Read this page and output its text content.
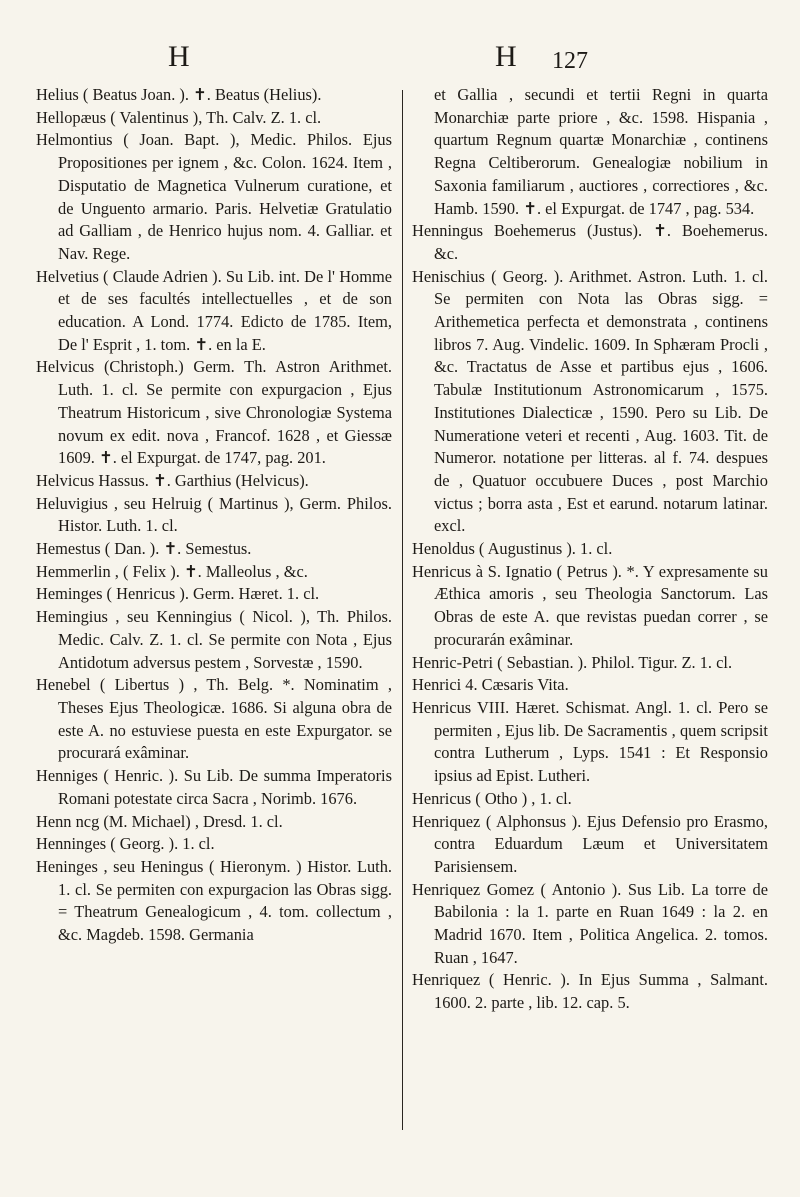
H	H 127

Helius ( Beatus Joan. ). ✝. Beatus (Helius).

Hellopæus ( Valentinus ), Th. Calv. Z. 1. cl.

Helmontius ( Joan. Bapt. ), Medic. Philos. Ejus Propositiones per ignem , &c. Colon. 1624. Item , Disputatio de Magnetica Vulnerum curatione, et de Unguento armario. Paris. Helvetiæ Gratulatio ad Galliam , de Henrico hujus nom. 4. Galliar. et Nav. Rege.

Helvetius ( Claude Adrien ). Su Lib. int. De l' Homme et de ses facultés intellectuelles , et de son education. A Lond. 1774. Edicto de 1785. Item, De l' Esprit , 1. tom. ✝. en la E.

Helvicus (Christoph.) Germ. Th. Astron Arithmet. Luth. 1. cl. Se permite con expurgacion , Ejus Theatrum Historicum , sive Chronologiæ Systema novum ex edit. nova , Francof. 1628 , et Giessæ 1609. ✝. el Expurgat. de 1747, pag. 201.

Helvicus Hassus. ✝. Garthius (Helvicus).

Heluvigius , seu Helruig ( Martinus ), Germ. Philos. Histor. Luth. 1. cl.

Hemestus ( Dan. ). ✝. Semestus.

Hemmerlin , ( Felix ). ✝. Malleolus , &c.

Heminges ( Henricus ). Germ. Hæret. 1. cl.

Hemingius , seu Kenningius ( Nicol. ), Th. Philos. Medic. Calv. Z. 1. cl. Se permite con Nota , Ejus Antidotum adversus pestem , Sorvestæ , 1590.

Henebel ( Libertus ) , Th. Belg. *. Nominatim , Theses Ejus Theologicæ. 1686. Si alguna obra de este A. no estuviese puesta en este Expurgator. se procurará exâminar.

Henniges ( Henric. ). Su Lib. De summa Imperatoris Romani potestate circa Sacra , Norimb. 1676.

Henn ncg (M. Michael) , Dresd. 1. cl.

Henninges ( Georg. ). 1. cl.

Heninges , seu Heningus ( Hieronym. ) Histor. Luth. 1. cl. Se permiten con expurgacion las Obras sigg. = Theatrum Genealogicum , 4. tom. collectum , &c. Magdeb. 1598. Germania

et Gallia , secundi et tertii Regni in quarta Monarchiæ parte priore , &c. 1598. Hispania , quartum Regnum quartæ Monarchiæ , continens Regna Celtiberorum. Genealogiæ nobilium in Saxonia familiarum , auctiores , correctiores , &c. Hamb. 1590. ✝. el Expurgat. de 1747 , pag. 534.

Henningus Boehemerus (Justus). ✝. Boehemerus. &c.

Henischius ( Georg. ). Arithmet. Astron. Luth. 1. cl. Se permiten con Nota las Obras sigg. = Arithemetica perfecta et demonstrata , continens libros 7. Aug. Vindelic. 1609. In Sphæram Procli , &c. Tractatus de Asse et partibus ejus , 1606. Tabulæ Institutionum Astronomicarum , 1575. Institutiones Dialecticæ , 1590. Pero su Lib. De Numeratione veteri et recenti , Aug. 1603. Tit. de Numeror. notatione per litteras. al f. 74. despues de , Quatuor occubuere Duces , post Marchio victus ; borra asta , Est et earund. notarum latinar. excl.

Henoldus ( Augustinus ). 1. cl.

Henricus à S. Ignatio ( Petrus ). *. Y expresamente su Æthica amoris , seu Theologia Sanctorum. Las Obras de este A. que revistas puedan correr , se procurarán exâminar.

Henric-Petri ( Sebastian. ). Philol. Tigur. Z. 1. cl.

Henrici 4. Cæsaris Vita.

Henricus VIII. Hæret. Schismat. Angl. 1. cl. Pero se permiten , Ejus lib. De Sacramentis , quem scripsit contra Lutherum , Lyps. 1541 : Et Responsio ipsius ad Epist. Lutheri.

Henricus ( Otho ) , 1. cl.

Henriquez ( Alphonsus ). Ejus Defensio pro Erasmo, contra Eduardum Læum et Universitatem Parisiensem.

Henriquez Gomez ( Antonio ). Sus Lib. La torre de Babilonia : la 1. parte en Ruan 1649 : la 2. en Madrid 1670. Item , Politica Angelica. 2. tomos. Ruan , 1647.

Henriquez ( Henric. ). In Ejus Summa , Salmant. 1600. 2. parte , lib. 12. cap. 5.
